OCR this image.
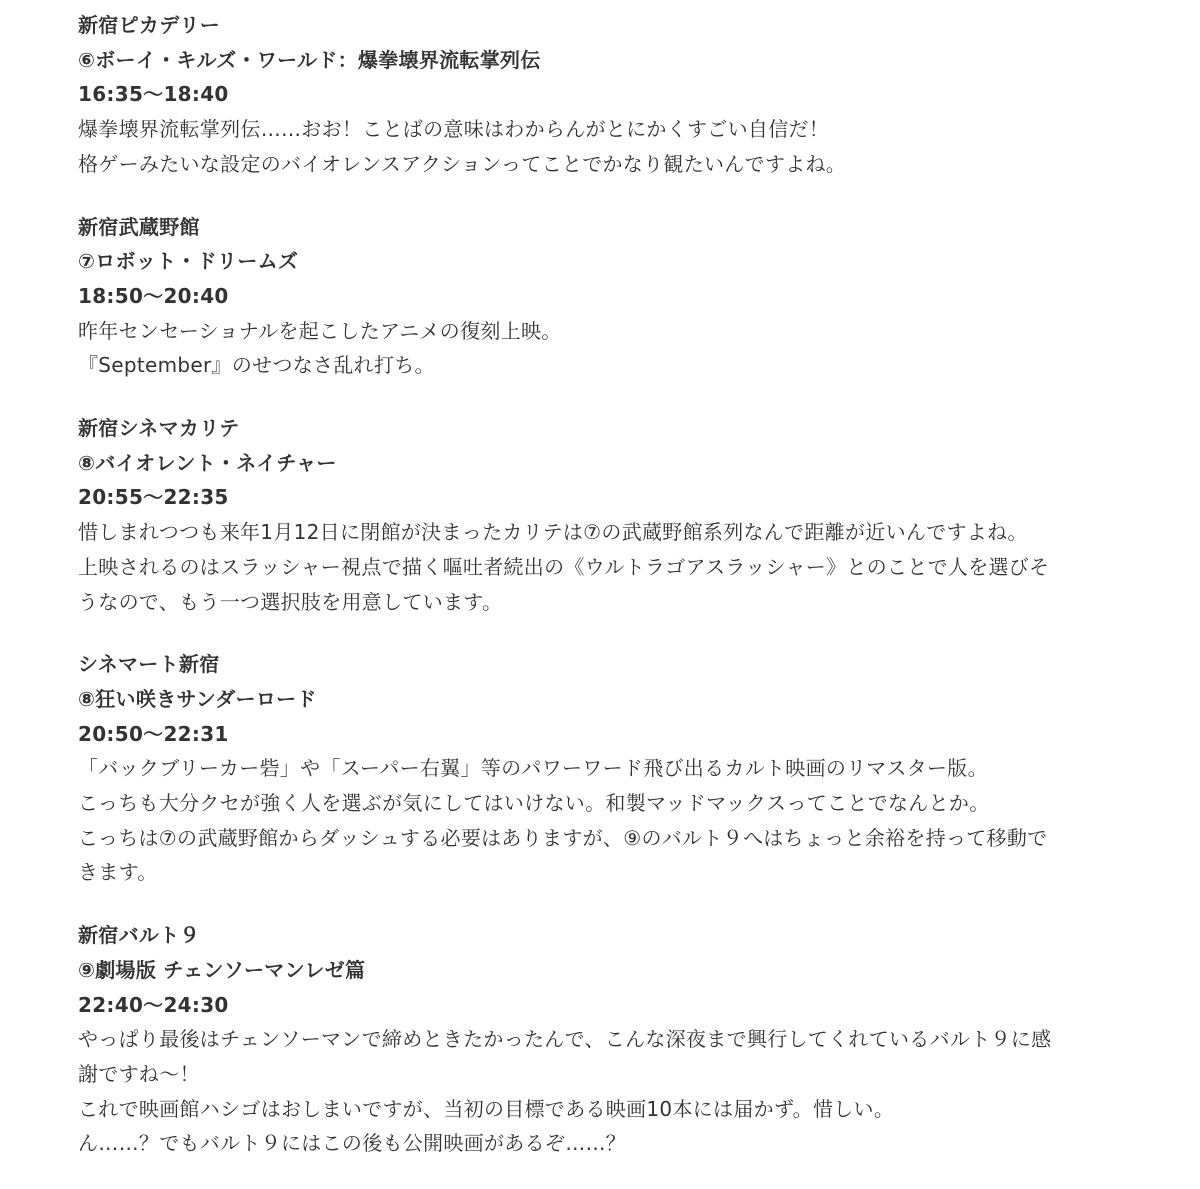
新宿ピカデリー
⑥ボーイ・キルズ・ワールド：爆拳壊界流転掌列伝
16:35～18:40
爆拳壊界流転掌列伝……おお！ことばの意味はわからんがとにかくすごい自信だ！
格ゲーみたいな設定のバイオレンスアクションってことでかなり観たいんですよね。
新宿武蔵野館
⑦ロボット・ドリームズ
18:50～20:40
昨年センセーショナルを起こしたアニメの復刻上映。
『September』のせつなさ乱れ打ち。
新宿シネマカリテ
⑧バイオレント・ネイチャー
20:55～22:35
惜しまれつつも来年1月12日に閉館が決まったカリテは⑦の武蔵野館系列なんで距離が近いんですよね。
上映されるのはスラッシャー視点で描く嘔吐者続出の《ウルトラゴアスラッシャー》とのことで人を選びそ
うなので、もう一つ選択肢を用意しています。
シネマート新宿
⑧狂い咲きサンダーロード
20:50～22:31
「バックブリーカー砦」や「スーパー右翼」等のパワーワード飛び出るカルト映画のリマスター版。
こっちも大分クセが強く人を選ぶが気にしてはいけない。和製マッドマックスってことでなんとか。
こっちは⑦の武蔵野館からダッシュする必要はありますが、⑨のバルト９へはちょっと余裕を持って移動で
きます。
新宿バルト９
⑨劇場版 チェンソーマンレゼ篇
22:40～24:30
やっぱり最後はチェンソーマンで締めときたかったんで、こんな深夜まで興行してくれているバルト９に感
謝ですね～！
これで映画館ハシゴはおしまいですが、当初の目標である映画10本には届かず。惜しい。
ん……？でもバルト９にはこの後も公開映画があるぞ……？
